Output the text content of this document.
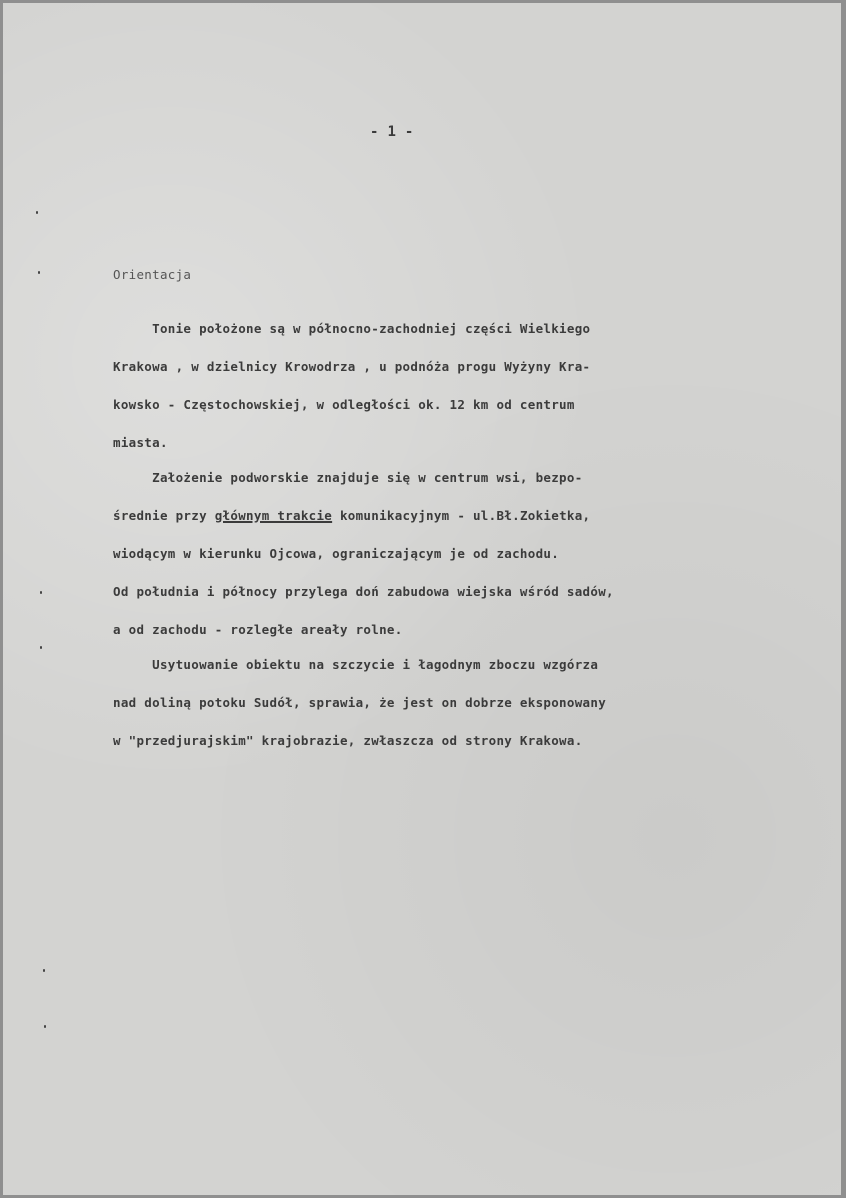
- 1 -

Orientacja

Tonie położone są w północno-zachodniej części Wielkiego

Krakowa , w dzielnicy Krowodrza , u podnóża progu Wyżyny Kra-

kowsko - Częstochowskiej, w odległości ok. 12 km od centrum

miasta.

Założenie podworskie znajduje się w centrum wsi, bezpo-

średnie przy głównym trakcie komunikacyjnym - ul.Bł.Zokietka,

wiodącym w kierunku Ojcowa, ograniczającym je od zachodu.

Od południa i północy przylega doń zabudowa wiejska wśród sadów,

a od zachodu - rozległe areały rolne.

Usytuowanie obiektu na szczycie i łagodnym zboczu wzgórza

nad doliną potoku Sudół, sprawia, że jest on dobrze eksponowany

w "przedjurajskim" krajobrazie, zwłaszcza od strony Krakowa.
